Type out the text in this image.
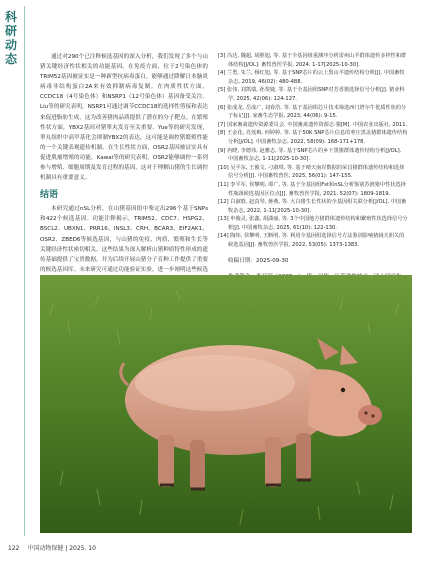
科
研
动
态	通过对290个已注释候选基因的深入分析，我们发现了多个与山猪关键经济性状相关的功能基因。在免疫方面，位于2号染色体的TRIM52基因被证实是一种新型抗病毒蛋白，能够通过降解日本脑炎病毒非结构蛋白2A来有效抑制病毒复制。在肉质性状方面，CCDC18（4号染色体）和NSRP1（12号染色体）基因备受关注。Liu等的研究表明，NSRP1可通过调节CCDC18的选择性剪接和表达来促进脂肪生成，这为改善猪肉品质提供了潜在的分子靶点。在繁殖性状方面，YBX2基因对猪睾丸发育至关重要。Yue等的研究发现，睾丸组织中高甲基化会抑制YBX2的表达，这可能是调控猪繁殖性能的一个关键表观遗传机制。在生长性状方面，OSR2基因被证实具有促进肌瘤增殖的功能，Kawai等的研究表明，OSR2能够调控一系列参与增殖、细胞周期及发育过程的基因，这对于理解山猪的生长调控机制具有重要意义。

结语

本研究通过nSL分析，在山猪基因组中鉴定出296个基于SNPs和422个候选基因。功能注释揭示，TRIM52、CDC7、HSPG2、BSCL2、UBXN1、PRR16、INSL3、CRH、BCAR3、EIF2AK1、OSR2、ZBED6等候选基因，与山猪的免疫、肉质、繁殖和生长等关键经济性状密切相关。这些结果为深入解析山猪种质特性形成的遗传基础提供了宝贵数据，并为后续开展山猪分子育种工作提供了重要的候选基因库。未来研究可通过功能验证实验，进一步阐明这些候选

[3] 冯达, 魏超, 胡胜旭, 等. 基于全基因组重测序分析雷州山羊群体遗传多样性和群体结构[J/OL]. 畜牧兽医学报, 2024: 1-17[2025-10-30].

[4] 兰勇, 朱兰, 杨红旭, 等. 基于SNP芯片的云上黑山羊遗传结构分析[J]. 中国畜牧杂志, 2019, 46(02): 480-488.

[5] 张伟, 刘凯瑞, 孙斐婕, 等. 基于全基因组SNP对芳香猪选择信号分析[J]. 猪业科学, 2025, 42(06): 124-127.

[6] 张成龙, 岳成广, 刘春浩, 等. 基于基因组芯片技术筛选西门塔尔牛优质性状的分子标记[J]. 家畜生态学报, 2023, 44(06): 9-15.

[7] 国家畜禽遗传资源委员会. 中国畜禽遗传资源志·猪[M]. 中国农业出版社, 2011.

[8] 王金花, 肖莲梅, 何婷婷, 等. 基于50K SNP芯片信息的枣庄黑盖猪群体遗传结构分析[J/OL]. 中国畜牧杂志, 2022, 58(09): 168-171+178.

[9] 冉晓, 李德伟, 赵雅志, 等. 基于SNP芯片的乡下黑猪群体遗传结构分析[J/OL]. 中国畜牧杂志, 1-11[2025-10-30].

[10] 吴平东, 王俊文, 刁淑琪, 等. 基于晴天南岸数据的荣昌猪群体遗传结构和选择信号分析[J]. 中国畜牧兽医, 2025, 56(01): 147-155.

[11] 李平军, 侯攀明, 谭广, 等. 基于全基因组Fst和nSL分析鉴别苏淮猪中性状选择性瓶颈候选基因区位点[J]. 畜牧兽医学报, 2021, 52(07): 1809-1819.

[12] 白淑晗, 赵真琴, 蒋燕, 等. 大白猪生长性状的全基因组关联分析[J/OL]. 中国畜牧杂志, 2022, 1-11[2025-10-30].

[13] 申俊灵, 张鑫, 胡潇丽, 等. 3个中国地方猪群体遗传结构和繁殖性状选择信号分析[J]. 中国畜牧杂志, 2025, 61(10): 122-130.

[14] 陶炜, 侯攀明, 王断明, 等. 利用全基因组选择信号方法鉴别影响猪阔夫胆关的候选基因[J]. 畜牧兽医学报, 2022, 53(05): 1373-1383.

收稿日期：2025-09-30

122 中国动物保健 | 2025. 10
